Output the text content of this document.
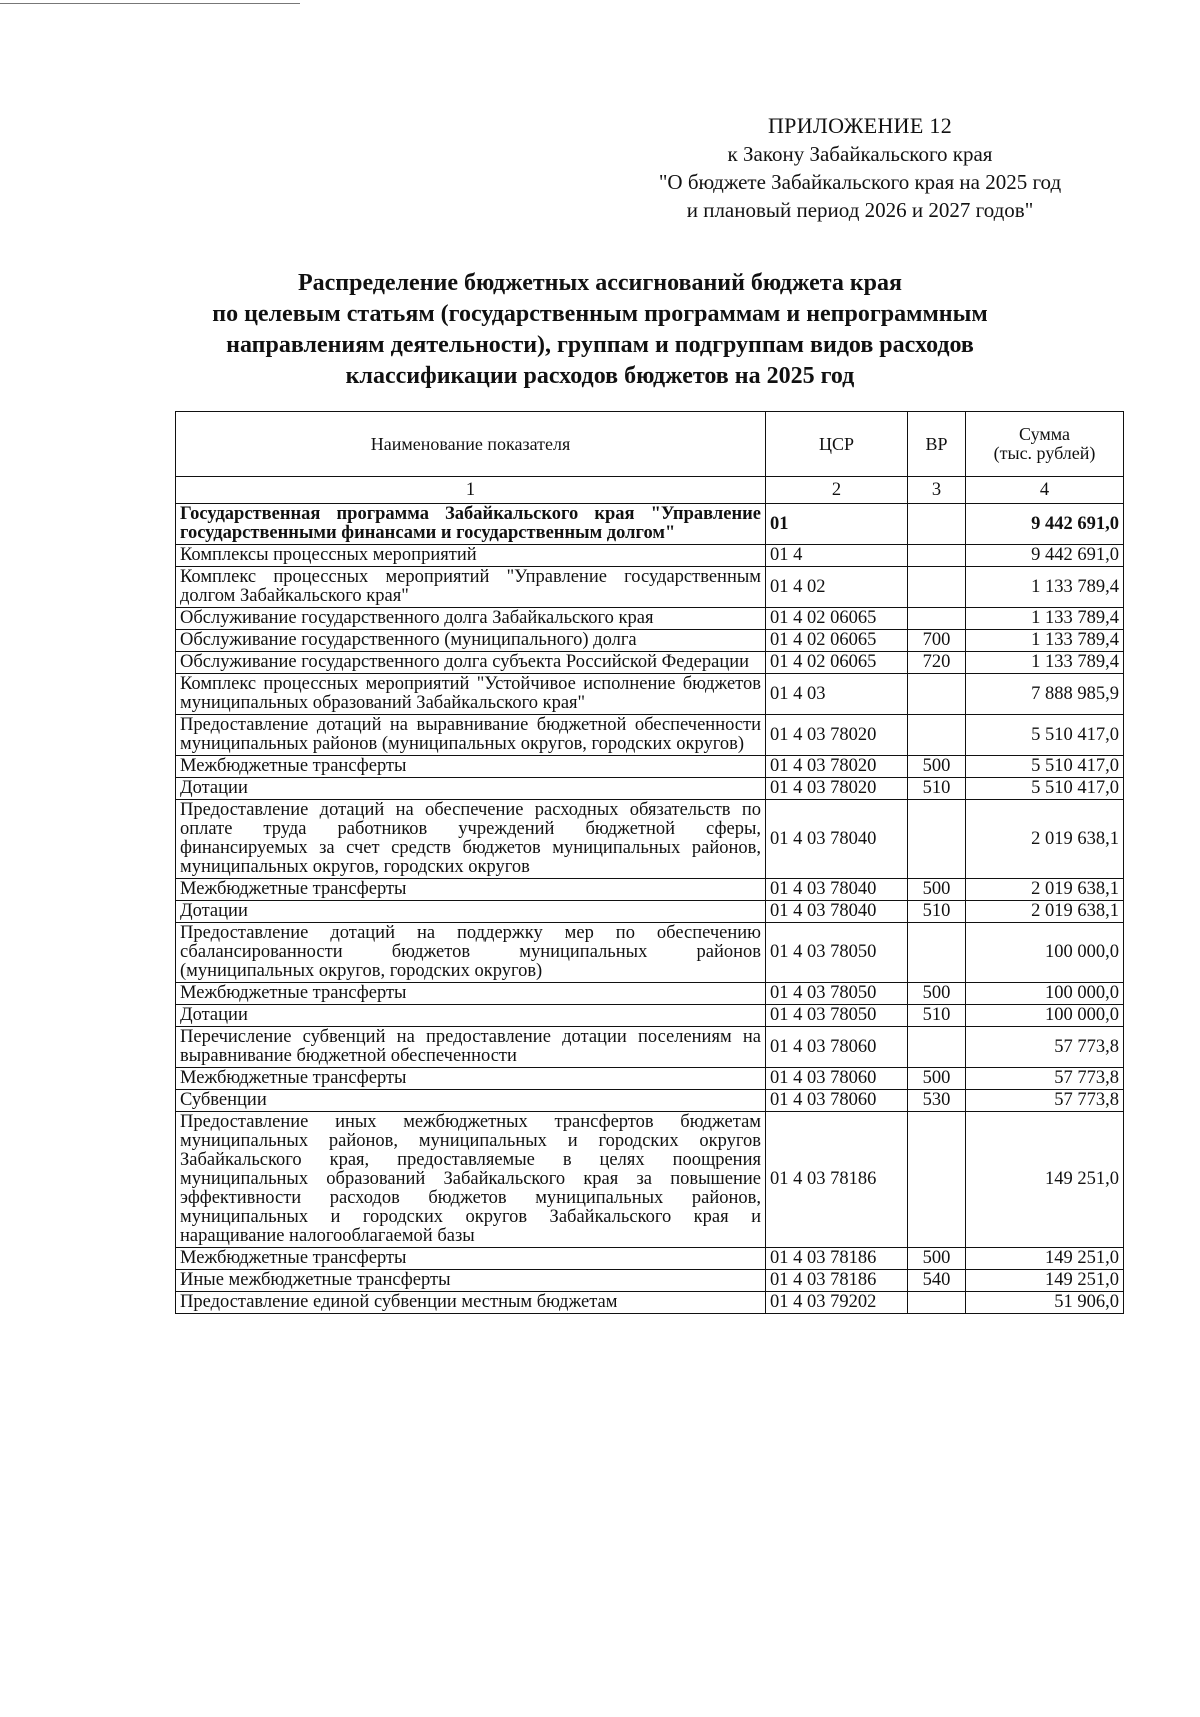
ПРИЛОЖЕНИЕ 12
к Закону Забайкальского края
"О бюджете Забайкальского края на 2025 год
и плановый период 2026 и 2027 годов"
Распределение бюджетных ассигнований бюджета края
по целевым статьям (государственным программам и непрограммным
направлениям деятельности), группам и подгруппам видов расходов
классификации расходов бюджетов на 2025 год
Наименование показателя	ЦСР	ВР	Сумма
(тыс. рублей)

1	2	3	4
Государственная программа Забайкальского края "Управление государственными финансами и государственным долгом"	01		9 442 691,0
Комплексы процессных мероприятий	01 4		9 442 691,0
Комплекс процессных мероприятий "Управление государственным долгом Забайкальского края"	01 4 02		1 133 789,4
Обслуживание государственного долга Забайкальского края	01 4 02 06065		1 133 789,4
Обслуживание государственного (муниципального) долга	01 4 02 06065	700	1 133 789,4
Обслуживание государственного долга субъекта Российской Федерации	01 4 02 06065	720	1 133 789,4
Комплекс процессных мероприятий "Устойчивое исполнение бюджетов муниципальных образований Забайкальского края"	01 4 03		7 888 985,9
Предоставление дотаций на выравнивание бюджетной обеспеченности муниципальных районов (муниципальных округов, городских округов)	01 4 03 78020		5 510 417,0
Межбюджетные трансферты	01 4 03 78020	500	5 510 417,0
Дотации	01 4 03 78020	510	5 510 417,0
Предоставление дотаций на обеспечение расходных обязательств по оплате труда работников учреждений бюджетной сферы, финансируемых за счет средств бюджетов муниципальных районов, муниципальных округов, городских округов	01 4 03 78040		2 019 638,1
Межбюджетные трансферты	01 4 03 78040	500	2 019 638,1
Дотации	01 4 03 78040	510	2 019 638,1
Предоставление дотаций на поддержку мер по обеспечению сбалансированности бюджетов муниципальных районов (муниципальных округов, городских округов)	01 4 03 78050		100 000,0
Межбюджетные трансферты	01 4 03 78050	500	100 000,0
Дотации	01 4 03 78050	510	100 000,0
Перечисление субвенций на предоставление дотации поселениям на выравнивание бюджетной обеспеченности	01 4 03 78060		57 773,8
Межбюджетные трансферты	01 4 03 78060	500	57 773,8
Субвенции	01 4 03 78060	530	57 773,8
Предоставление иных межбюджетных трансфертов бюджетам муниципальных районов, муниципальных и городских округов Забайкальского края, предоставляемые в целях поощрения муниципальных образований Забайкальского края за повышение эффективности расходов бюджетов муниципальных районов, муниципальных и городских округов Забайкальского края и наращивание налогооблагаемой базы	01 4 03 78186		149 251,0
Межбюджетные трансферты	01 4 03 78186	500	149 251,0
Иные межбюджетные трансферты	01 4 03 78186	540	149 251,0
Предоставление единой субвенции местным бюджетам	01 4 03 79202		51 906,0
